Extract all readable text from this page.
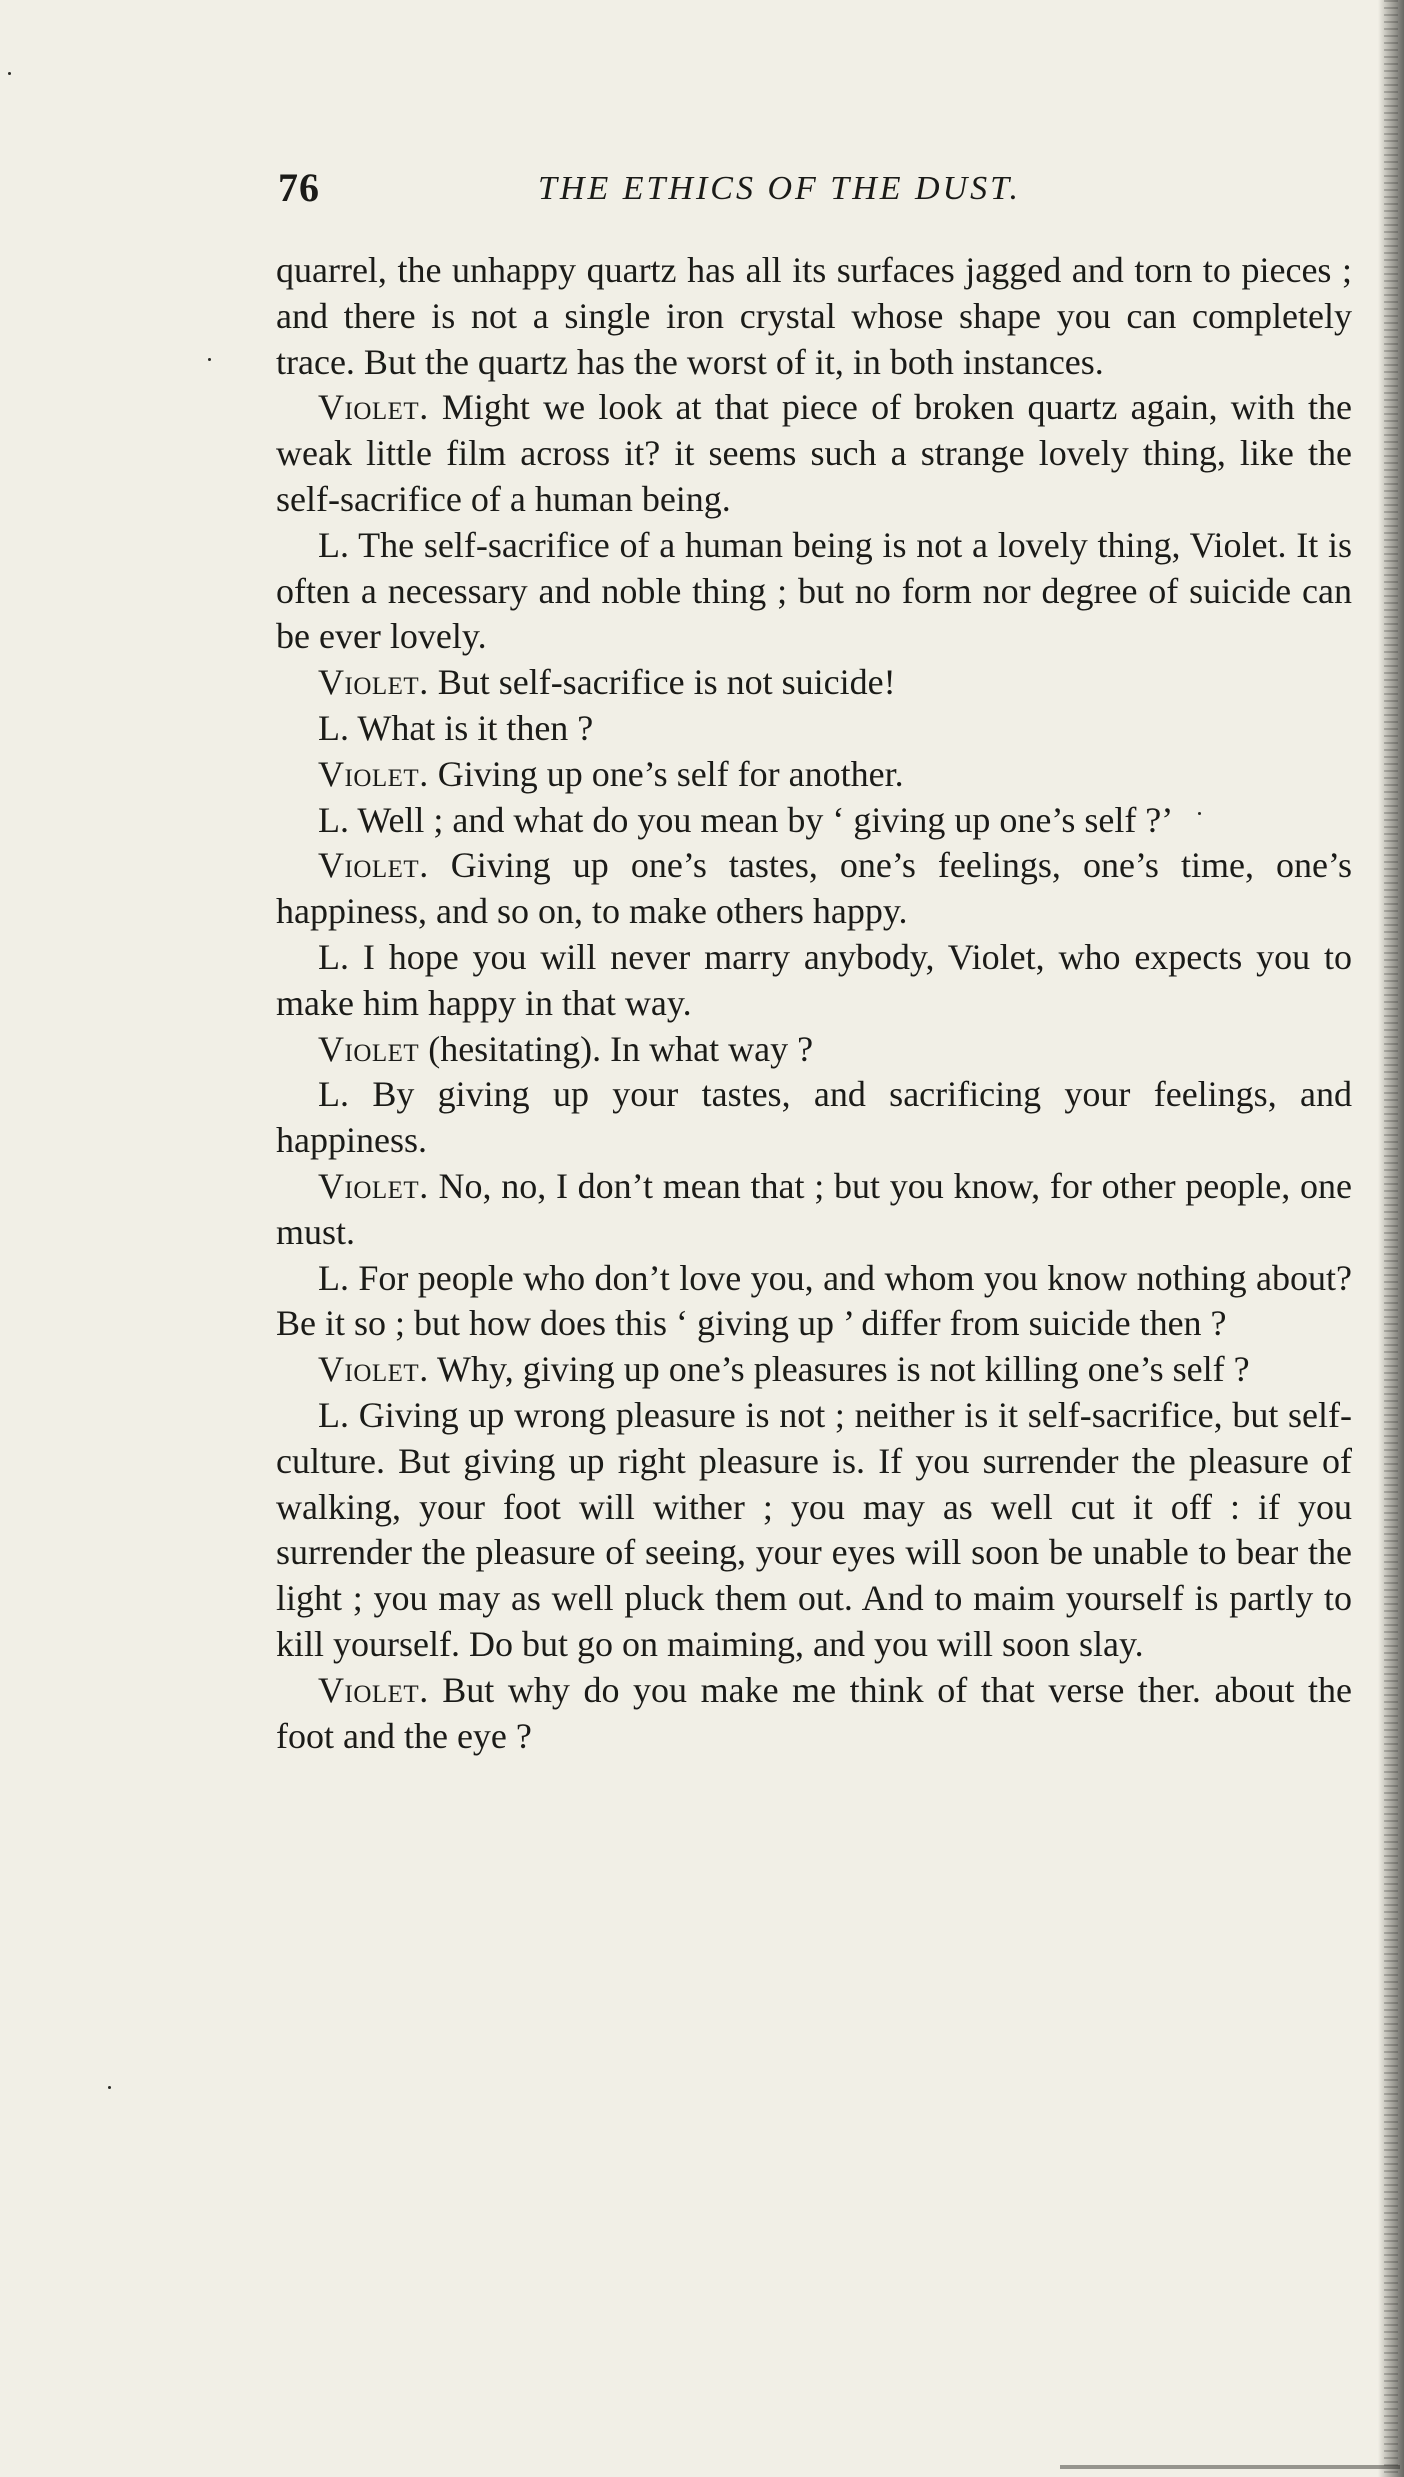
76	THE ETHICS OF THE DUST.

quarrel, the unhappy quartz has all its surfaces jagged and torn to pieces ; and there is not a single iron crystal whose shape you can completely trace. But the quartz has the worst of it, in both instances.

Violet. Might we look at that piece of broken quartz again, with the weak little film across it? it seems such a strange lovely thing, like the self-sacrifice of a human being.

L. The self-sacrifice of a human being is not a lovely thing, Violet. It is often a necessary and noble thing ; but no form nor degree of suicide can be ever lovely.

Violet. But self-sacrifice is not suicide!

L. What is it then ?

Violet. Giving up one’s self for another.

L. Well ; and what do you mean by ‘ giving up one’s self ?’

Violet. Giving up one’s tastes, one’s feelings, one’s time, one’s happiness, and so on, to make others happy.

L. I hope you will never marry anybody, Violet, who expects you to make him happy in that way.

Violet (hesitating). In what way ?

L. By giving up your tastes, and sacrificing your feelings, and happiness.

Violet. No, no, I don’t mean that ; but you know, for other people, one must.

L. For people who don’t love you, and whom you know nothing about? Be it so ; but how does this ‘ giving up ’ differ from suicide then ?

Violet. Why, giving up one’s pleasures is not killing one’s self ?

L. Giving up wrong pleasure is not ; neither is it self-sacrifice, but self-culture. But giving up right pleasure is. If you surrender the pleasure of walking, your foot will wither ; you may as well cut it off : if you surrender the pleasure of seeing, your eyes will soon be unable to bear the light ; you may as well pluck them out. And to maim yourself is partly to kill yourself. Do but go on maiming, and you will soon slay.

Violet. But why do you make me think of that verse ther. about the foot and the eye ?
